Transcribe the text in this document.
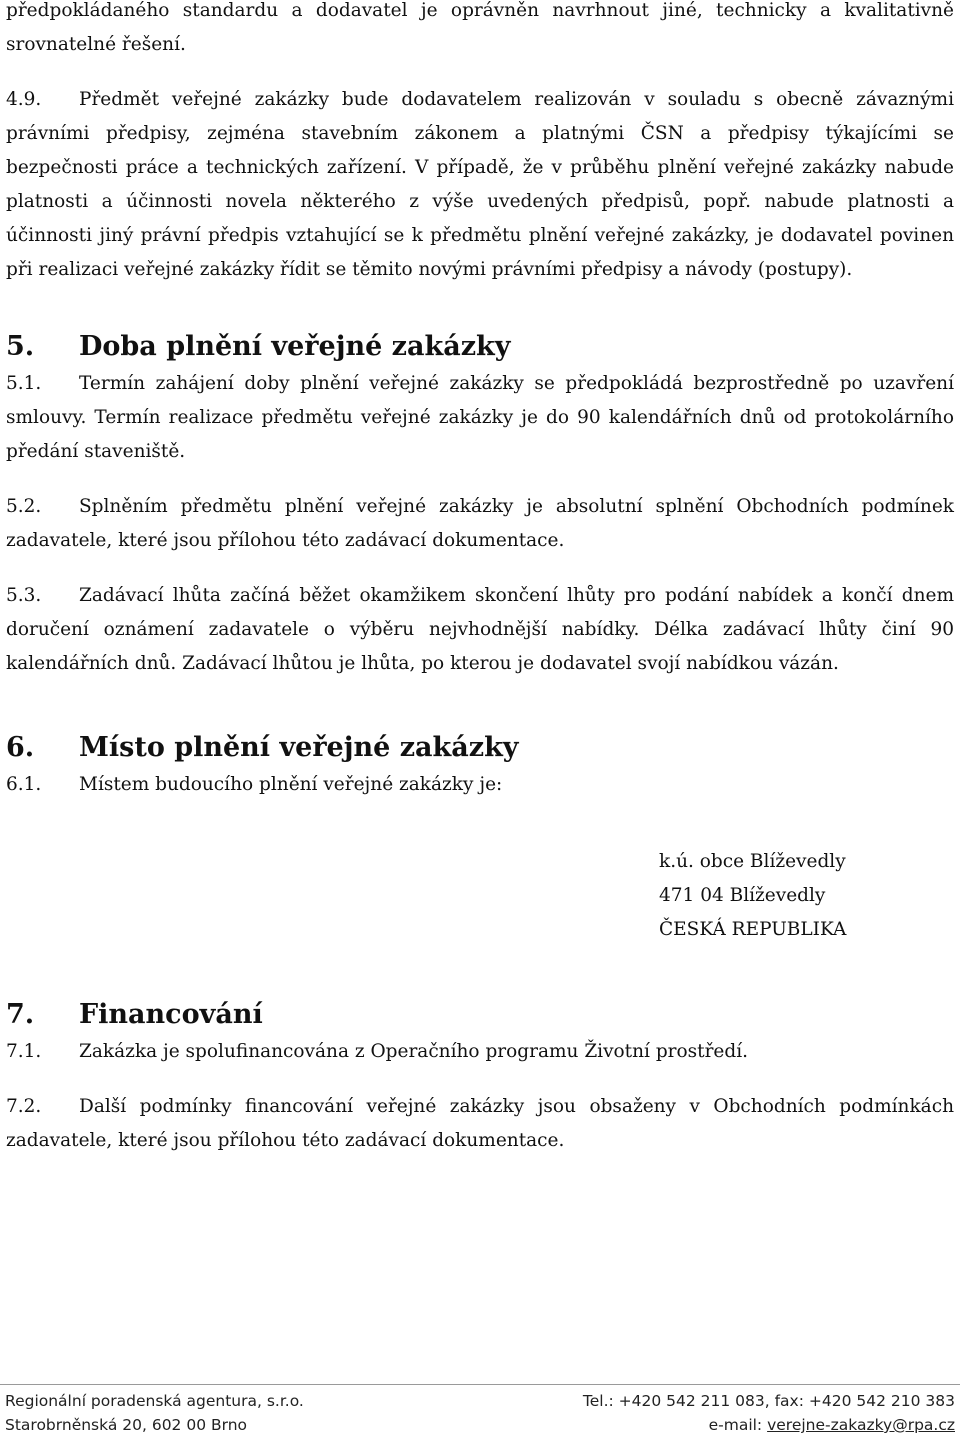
předpokládaného standardu a dodavatel je oprávněn navrhnout jiné, technicky a kvalitativně srovnatelné řešení.

4.9. Předmět veřejné zakázky bude dodavatelem realizován v souladu s obecně závaznými právními předpisy, zejména stavebním zákonem a platnými ČSN a předpisy týkajícími se bezpečnosti práce a technických zařízení. V případě, že v průběhu plnění veřejné zakázky nabude platnosti a účinnosti novela některého z výše uvedených předpisů, popř. nabude platnosti a účinnosti jiný právní předpis vztahující se k předmětu plnění veřejné zakázky, je dodavatel povinen při realizaci veřejné zakázky řídit se těmito novými právními předpisy a návody (postupy).

5. Doba plnění veřejné zakázky

5.1. Termín zahájení doby plnění veřejné zakázky se předpokládá bezprostředně po uzavření smlouvy. Termín realizace předmětu veřejné zakázky je do 90 kalendářních dnů od protokolárního předání staveniště.

5.2. Splněním předmětu plnění veřejné zakázky je absolutní splnění Obchodních podmínek zadavatele, které jsou přílohou této zadávací dokumentace.

5.3. Zadávací lhůta začíná běžet okamžikem skončení lhůty pro podání nabídek a končí dnem doručení oznámení zadavatele o výběru nejvhodnější nabídky. Délka zadávací lhůty činí 90 kalendářních dnů. Zadávací lhůtou je lhůta, po kterou je dodavatel svojí nabídkou vázán.

6. Místo plnění veřejné zakázky

6.1. Místem budoucího plnění veřejné zakázky je:

k.ú. obce Blíževedly
471 04 Blíževedly
ČESKÁ REPUBLIKA
7. Financování

7.1. Zakázka je spolufinancována z Operačního programu Životní prostředí.

7.2. Další podmínky financování veřejné zakázky jsou obsaženy v Obchodních podmínkách zadavatele, které jsou přílohou této zadávací dokumentace.

Regionální poradenská agentura, s.r.o.
Starobrněnská 20, 602 00 Brno
Tel.: +420 542 211 083, fax: +420 542 210 383
e-mail: verejne-zakazky@rpa.cz
